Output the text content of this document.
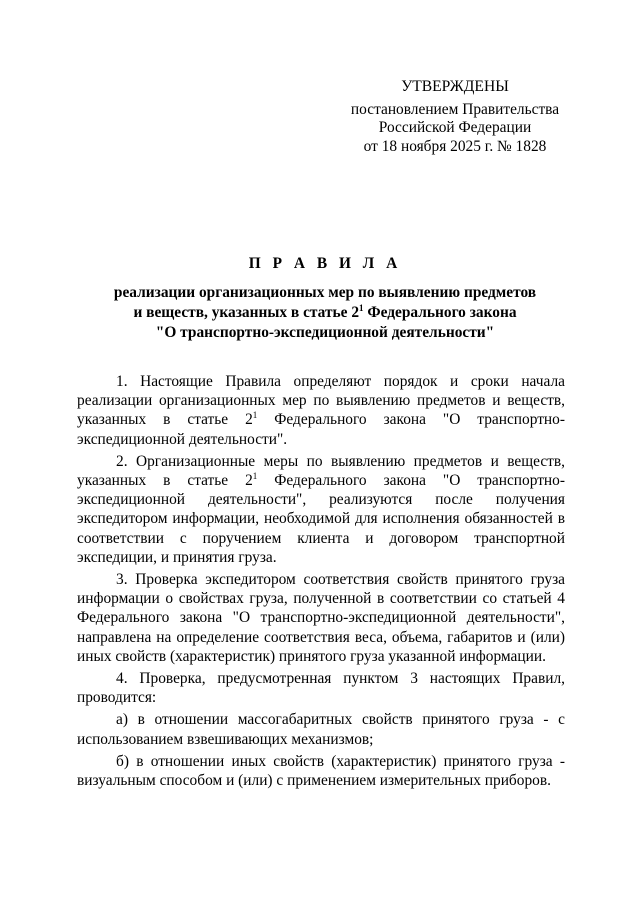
УТВЕРЖДЕНЫ
постановлением Правительства
Российской Федерации
от 18 ноября 2025 г. № 1828
П Р А В И Л А
реализации организационных мер по выявлению предметов
и веществ, указанных в статье $2^1$ Федерального закона
"О транспортно-экспедиционной деятельности"

1. Настоящие Правила определяют порядок и сроки начала реализации организационных мер по выявлению предметов и веществ, указанных в статье $2^1$ Федерального закона "О транспортно-экспедиционной деятельности".

2. Организационные меры по выявлению предметов и веществ, указанных в статье $2^1$ Федерального закона "О транспортно-экспедиционной деятельности", реализуются после получения экспедитором информации, необходимой для исполнения обязанностей в соответствии с поручением клиента и договором транспортной экспедиции, и принятия груза.

3. Проверка экспедитором соответствия свойств принятого груза информации о свойствах груза, полученной в соответствии со статьей 4 Федерального закона "О транспортно-экспедиционной деятельности", направлена на определение соответствия веса, объема, габаритов и (или) иных свойств (характеристик) принятого груза указанной информации.

4. Проверка, предусмотренная пунктом 3 настоящих Правил, проводится:

а) в отношении массогабаритных свойств принятого груза - с использованием взвешивающих механизмов;

б) в отношении иных свойств (характеристик) принятого груза - визуальным способом и (или) с применением измерительных приборов.
